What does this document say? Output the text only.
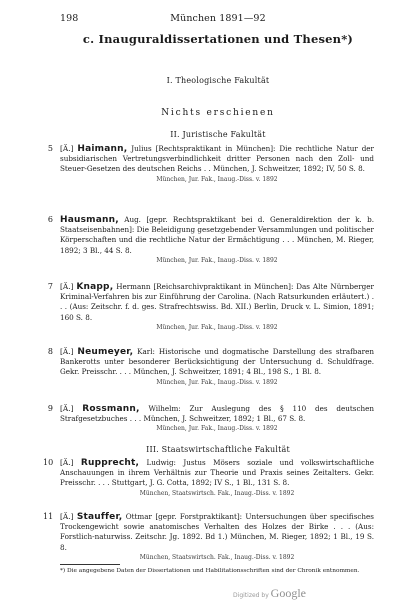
198	München 1891—92
c. Inauguraldissertationen und Thesen*)
I. Theologische Fakultät
Nichts erschienen
II. Juristische Fakultät
5 [Ä.] Haimann, Julius [Rechtspraktikant in München]: Die rechtliche Natur der subsidiarischen Vertretungsverbindlichkeit dritter Personen nach den Zoll- und Steuer-Gesetzen des deutschen Reichs . . München, J. Schweitzer, 1892; IV, 50 S. 8.
München, Jur. Fak., Inaug.-Diss. v. 1892
6 Hausmann, Aug. [gepr. Rechtspraktikant bei d. Generaldirektion der k. b. Staatseisenbahnen]: Die Beleidigung gesetzgebender Versammlungen und politischer Körperschaften und die rechtliche Natur der Ermächtigung . . . München, M. Rieger, 1892; 3 Bl., 44 S. 8.
München, Jur. Fak., Inaug.-Diss. v. 1892
7 [Ä.] Knapp, Hermann [Reichsarchivpraktikant in München]: Das Alte Nürnberger Kriminal-Verfahren bis zur Einführung der Carolina. (Nach Ratsurkunden erläutert.) . . . (Aus: Zeitschr. f. d. ges. Strafrechtswiss. Bd. XII.) Berlin, Druck v. L. Simion, 1891; 160 S. 8.
München, Jur. Fak., Inaug.-Diss. v. 1892
8 [Ä.] Neumeyer, Karl: Historische und dogmatische Darstellung des strafbaren Bankerotts unter besonderer Berücksichtigung der Untersuchung d. Schuldfrage. Gekr. Preisschr. . . . München, J. Schweitzer, 1891; 4 Bl., 198 S., 1 Bl. 8.
München, Jur. Fak., Inaug.-Diss. v. 1892
9 [Ä.] Rossmann, Wilhelm: Zur Auslegung des § 110 des deutschen Strafgesetzbuches . . . München, J. Schweitzer, 1892; 1 Bl., 67 S. 8.
München, Jur. Fak., Inaug.-Diss. v. 1892
III. Staatswirtschaftliche Fakultät
10 [Ä.] Rupprecht, Ludwig: Justus Mösers soziale und volkswirtschaftliche Anschauungen in ihrem Verhältnis zur Theorie und Praxis seines Zeitalters. Gekr. Preisschr. . . . Stuttgart, J. G. Cotta, 1892; IV S., 1 Bl., 131 S. 8.
München, Staatswirtsch. Fak., Inaug.-Diss. v. 1892
11 [Ä.] Stauffer, Ottmar [gepr. Forstpraktikant]: Untersuchungen über specifisches Trockengewicht sowie anatomisches Verhalten des Holzes der Birke . . . (Aus: Forstlich-naturwiss. Zeitschr. Jg. 1892. Bd 1.) München, M. Rieger, 1892; 1 Bl., 19 S. 8.
München, Staatswirtsch. Fak., Inaug.-Diss. v. 1892
*) Die angegebene Daten der Dissertationen und Habilitationsschriften sind der Chronik entnommen.
Digitized by Google
